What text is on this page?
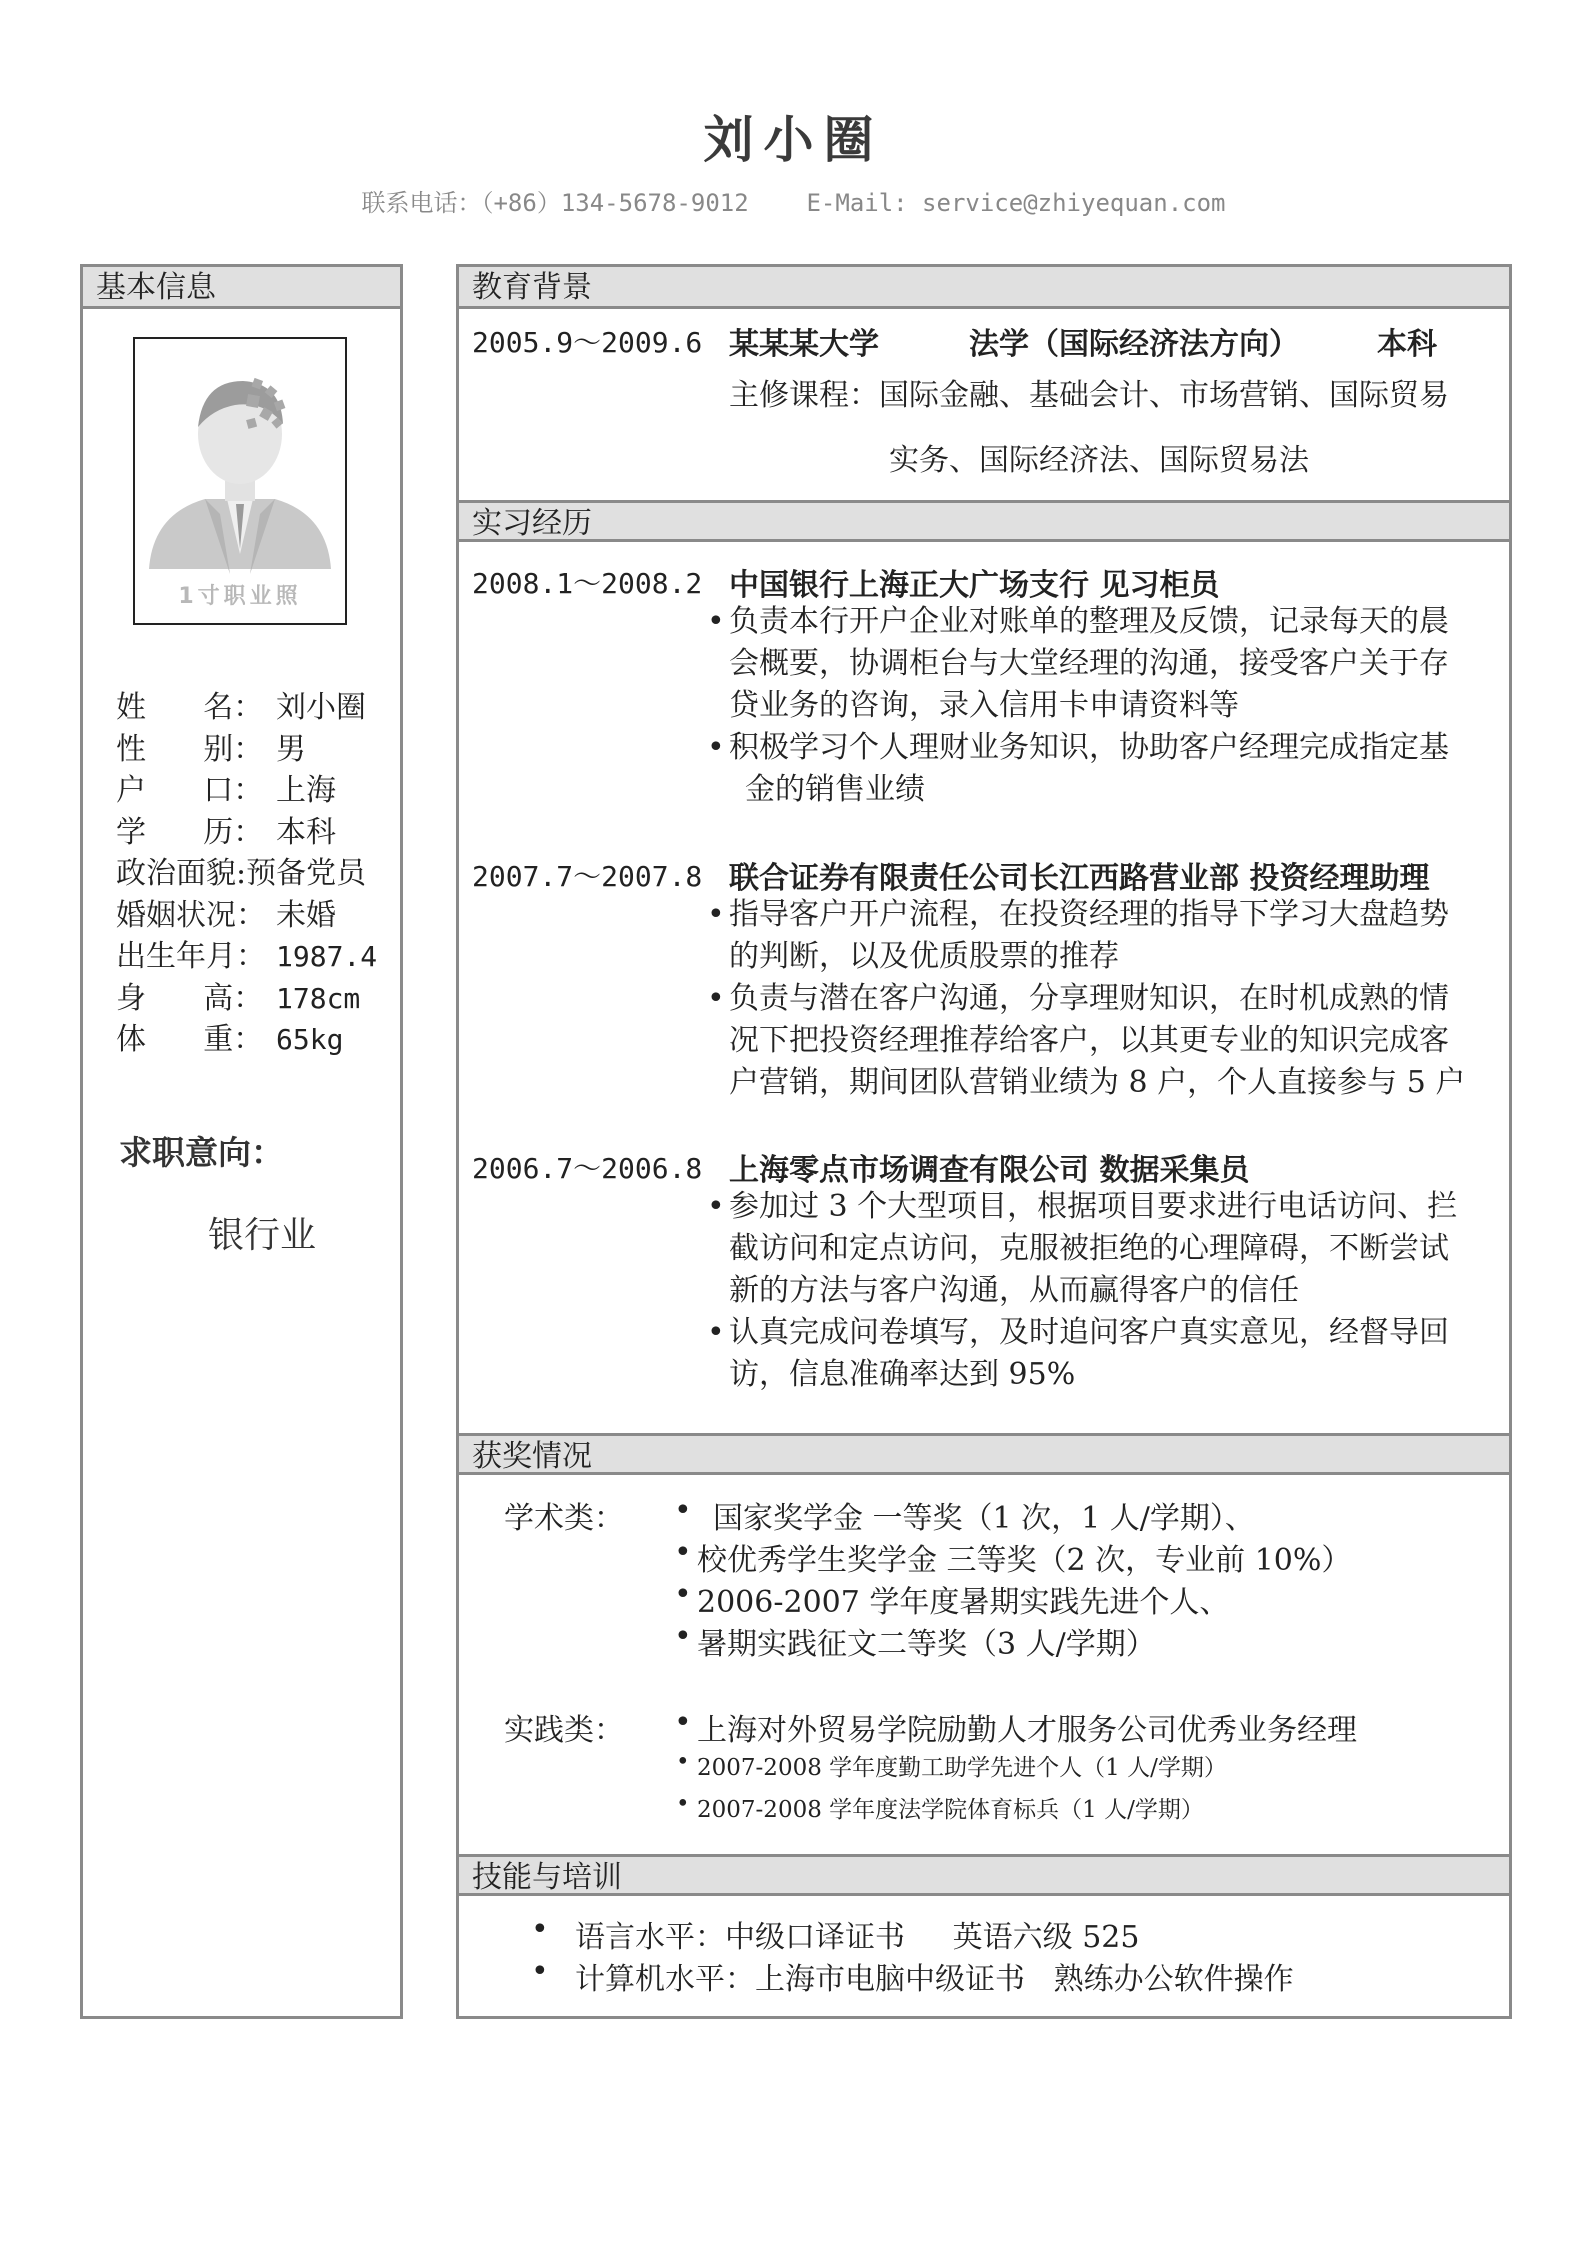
刘小圈
联系电话：（+86）134-5678-9012    E-Mail: service@zhiyequan.com
基本信息
1寸职业照
姓      名： 刘小圈
性      别： 男
户      口： 上海
学      历： 本科
政治面貌:预备党员
婚姻状况： 未婚
出生年月： 1987.4
身      高： 178cm
体      重： 65kg
求职意向：
银行业
教育背景
2005.9～2009.6 某某某大学	法学（国际经济法方向）	本科
主修课程：国际金融、基础会计、市场营销、国际贸易
实务、国际经济法、国际贸易法
实习经历
2008.1～2008.2 中国银行上海正大广场支行 见习柜员
• 负责本行开户企业对账单的整理及反馈，记录每天的晨
会概要，协调柜台与大堂经理的沟通，接受客户关于存
贷业务的咨询，录入信用卡申请资料等
• 积极学习个人理财业务知识，协助客户经理完成指定基
金的销售业绩
2007.7～2007.8 联合证券有限责任公司长江西路营业部 投资经理助理
• 指导客户开户流程，在投资经理的指导下学习大盘趋势
的判断，以及优质股票的推荐
• 负责与潜在客户沟通，分享理财知识，在时机成熟的情
况下把投资经理推荐给客户，以其更专业的知识完成客
户营销，期间团队营销业绩为 8 户，个人直接参与 5 户
2006.7～2006.8 上海零点市场调查有限公司 数据采集员
• 参加过 3 个大型项目，根据项目要求进行电话访问、拦
截访问和定点访问，克服被拒绝的心理障碍，不断尝试
新的方法与客户沟通，从而赢得客户的信任
• 认真完成问卷填写，及时追问客户真实意见，经督导回
访，信息准确率达到 95%
获奖情况
学术类： • 国家奖学金 一等奖（1 次，1 人/学期）、
• 校优秀学生奖学金 三等奖（2 次，专业前 10%）
• 2006-2007 学年度暑期实践先进个人、
• 暑期实践征文二等奖（3 人/学期）
实践类： • 上海对外贸易学院励勤人才服务公司优秀业务经理
• 2007-2008 学年度勤工助学先进个人（1 人/学期）
• 2007-2008 学年度法学院体育标兵（1 人/学期）
技能与培训
• 语言水平：中级口译证书     英语六级 525
• 计算机水平：上海市电脑中级证书   熟练办公软件操作
